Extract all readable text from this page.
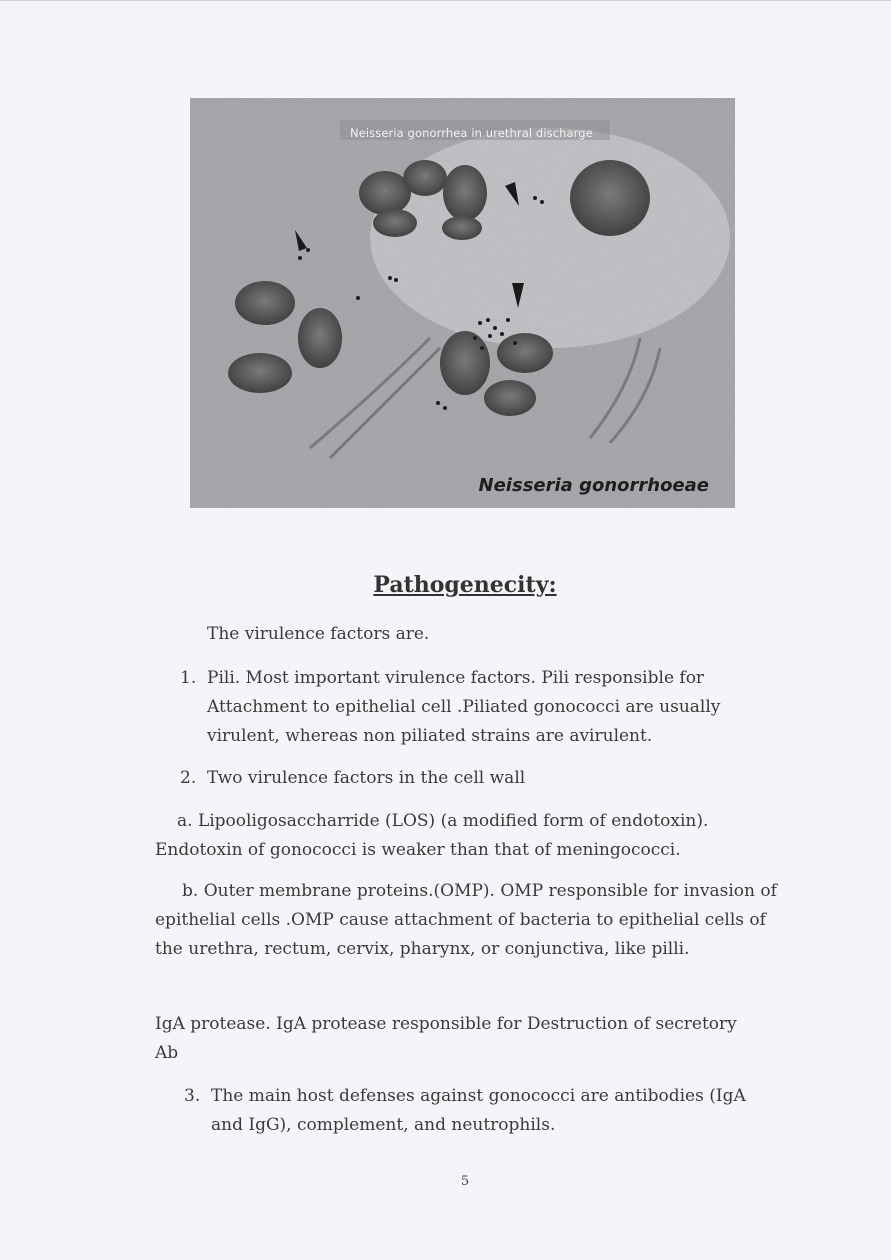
Neisseria gonorrhea in urethral discharge
Neisseria gonorrhoeae
Pathogenecity:
The virulence factors are.
1. Pili. Most important virulence factors. Pili responsible for Attachment to epithelial cell .Piliated gonococci are usually virulent, whereas non piliated strains are avirulent.
2. Two virulence factors in the cell wall
a. Lipooligosaccharride (LOS) (a modified form of endotoxin). Endotoxin of gonococci is weaker than that of meningococci.
b. Outer membrane proteins.(OMP). OMP responsible for invasion of epithelial cells .OMP cause attachment of bacteria to epithelial cells of the urethra, rectum, cervix, pharynx, or conjunctiva, like pilli.
IgA protease. IgA protease responsible for Destruction of secretory Ab
3. The main host defenses against gonococci are antibodies (IgA and IgG), complement, and neutrophils.
5
